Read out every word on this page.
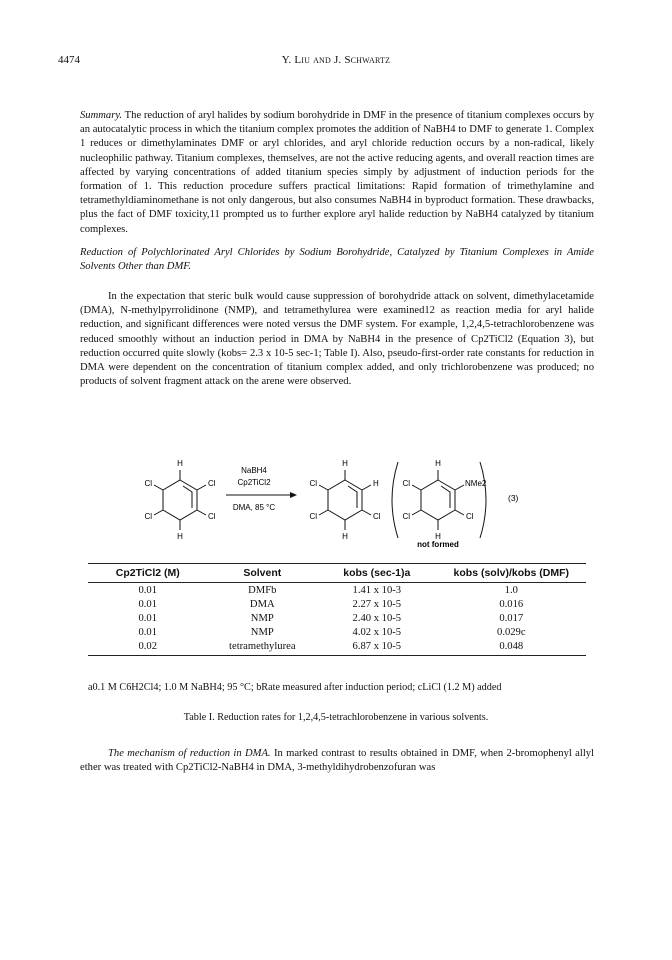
4474	Y. Liu and J. Schwartz

Summary. The reduction of aryl halides by sodium borohydride in DMF in the presence of titanium complexes occurs by an autocatalytic process in which the titanium complex promotes the addition of NaBH4 to DMF to generate 1. Complex 1 reduces or dimethylaminates DMF or aryl chlorides, and aryl chloride reduction occurs by a non-radical, likely nucleophilic pathway. Titanium complexes, themselves, are not the active reducing agents, and overall reaction times are affected by varying concentrations of added titanium species simply by adjustment of induction periods for the formation of 1. This reduction procedure suffers practical limitations: Rapid formation of trimethylamine and tetramethyldiaminomethane is not only dangerous, but also consumes NaBH4 in byproduct formation. These drawbacks, plus the fact of DMF toxicity,11 prompted us to further explore aryl halide reduction by NaBH4 catalyzed by titanium complexes.

Reduction of Polychlorinated Aryl Chlorides by Sodium Borohydride, Catalyzed by Titanium Complexes in Amide Solvents Other than DMF.

In the expectation that steric bulk would cause suppression of borohydride attack on solvent, dimethylacetamide (DMA), N-methylpyrrolidinone (NMP), and tetramethylurea were examined12 as reaction media for aryl halide reduction, and significant differences were noted versus the DMF system. For example, 1,2,4,5-tetrachlorobenzene was reduced smoothly without an induction period in DMA by NaBH4 in the presence of Cp2TiCl2 (Equation 3), but reduction occurred quite slowly (kobs= 2.3 x 10-5 sec-1; Table I). Also, pseudo-first-order rate constants for reduction in DMA were dependent on the concentration of titanium complex added, and only trichlorobenzene was produced; no products of solvent fragment attack on the arene were observed.

H
H
Cl	Cl
Cl	Cl
NaBH4
Cp2TiCl2
DMA, 85 °C
H
H
Cl	H
Cl	Cl
H
H
Cl	NMe2
Cl	Cl
(3)
not formed
Cp2TiCl2 (M)	Solvent	kobs (sec-1)a	kobs (solv)/kobs (DMF)
0.01	DMFb	1.41 x 10-3	1.0
0.01	DMA	2.27 x 10-5	0.016
0.01	NMP	2.40 x 10-5	0.017
0.01	NMP	4.02 x 10-5	0.029c
0.02	tetramethylurea	6.87 x 10-5	0.048
a0.1 M C6H2Cl4; 1.0 M NaBH4; 95 °C; bRate measured after induction period; cLiCl (1.2 M) added
Table I. Reduction rates for 1,2,4,5-tetrachlorobenzene in various solvents.

The mechanism of reduction in DMA. In marked contrast to results obtained in DMF, when 2-bromophenyl allyl ether was treated with Cp2TiCl2-NaBH4 in DMA, 3-methyldihydrobenzofuran was
